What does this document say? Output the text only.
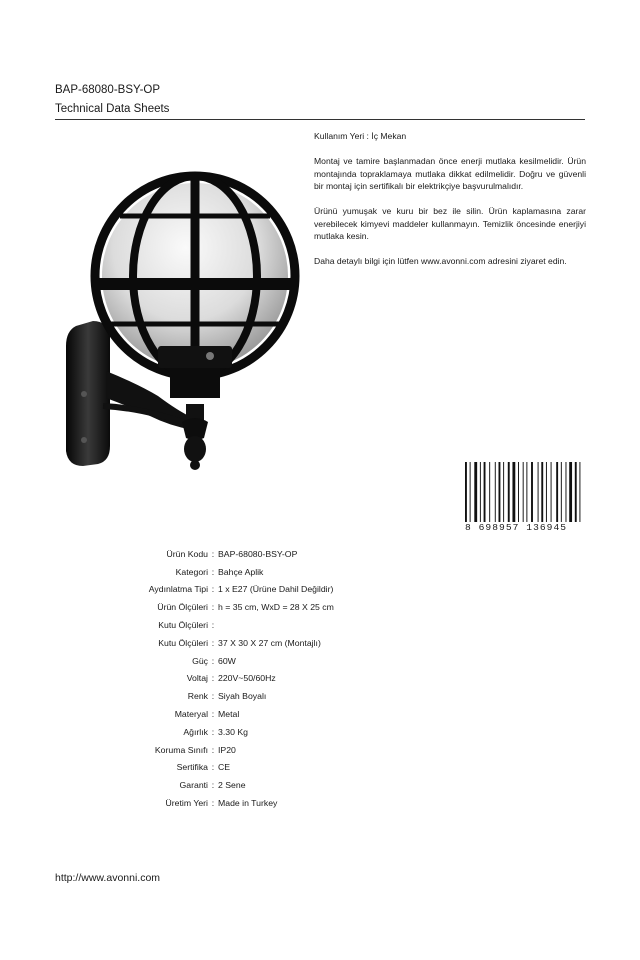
BAP-68080-BSY-OP
Technical Data Sheets

Kullanım Yeri : İç Mekan

Montaj ve tamire başlanmadan önce enerji mutlaka kesilmelidir. Ürün montajında topraklamaya mutlaka dikkat edilmelidir. Doğru ve güvenli bir montaj için sertifikalı bir elektrikçiye başvurulmalıdır.

Ürünü yumuşak ve kuru bir bez ile silin. Ürün kaplamasına zarar verebilecek kimyevi maddeler kullanmayın. Temizlik öncesinde enerjiyi mutlaka kesin.

Daha detaylı bilgi için lütfen www.avonni.com adresini ziyaret edin.

8 698957 136945
Ürün Kodu : BAP-68080-BSY-OP
Kategori : Bahçe Aplik
Aydınlatma Tipi : 1 x E27 (Ürüne Dahil Değildir)
Ürün Ölçüleri : h = 35 cm, WxD = 28 X 25 cm
Kutu Ölçüleri :
Kutu Ölçüleri : 37 X 30 X 27 cm (Montajlı)
Güç : 60W
Voltaj : 220V~50/60Hz
Renk : Siyah Boyalı
Materyal : Metal
Ağırlık : 3.30 Kg
Koruma Sınıfı : IP20
Sertifika : CE
Garanti : 2 Sene
Üretim Yeri : Made in Turkey
http://www.avonni.com
